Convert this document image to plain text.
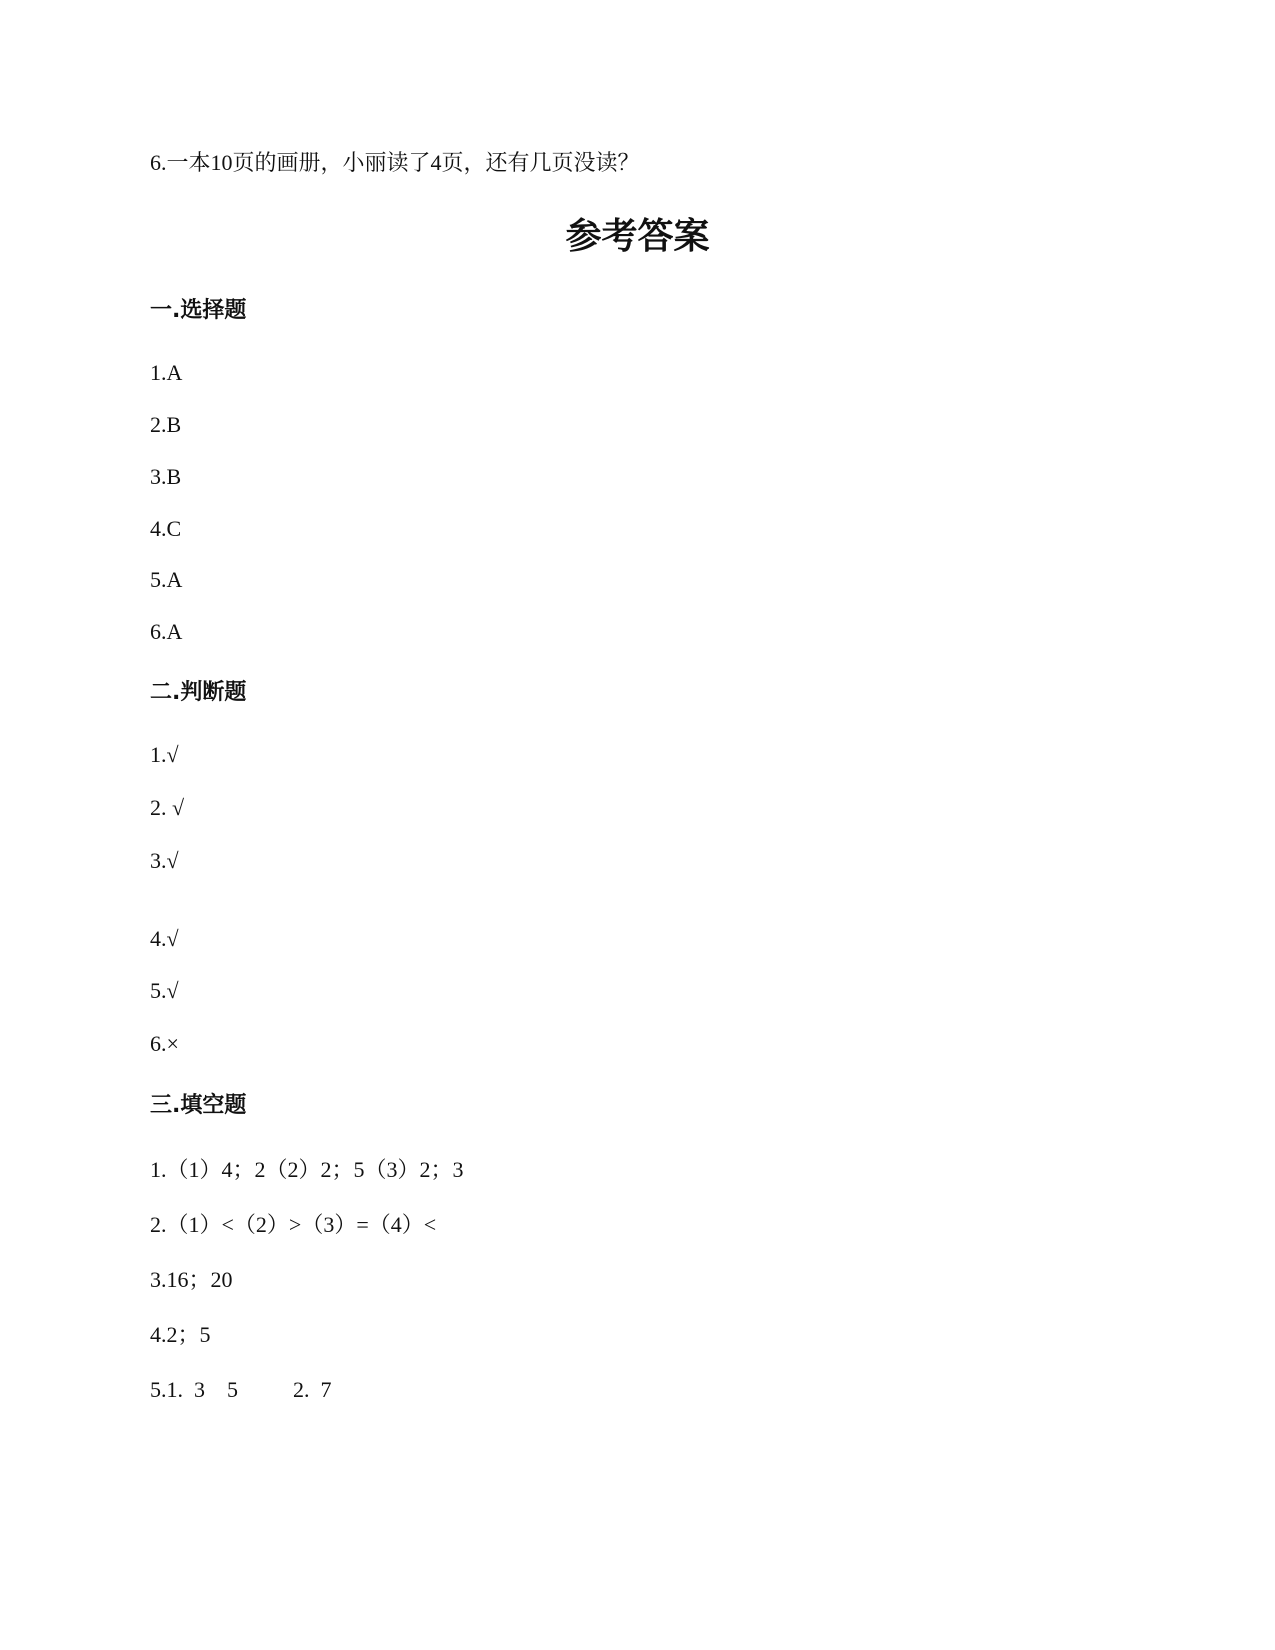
6.一本10页的画册，小丽读了4页，还有几页没读？
参考答案
一.选择题
1.A
2.B
3.B
4.C
5.A
6.A
二.判断题
1.√
2. √
3.√
4.√
5.√
6.×
三.填空题
1.（1）4；2（2）2；5（3）2；3
2.（1）<（2）>（3）=（4）<
3.16；20
4.2；5
5.1.  3    5          2.  7
